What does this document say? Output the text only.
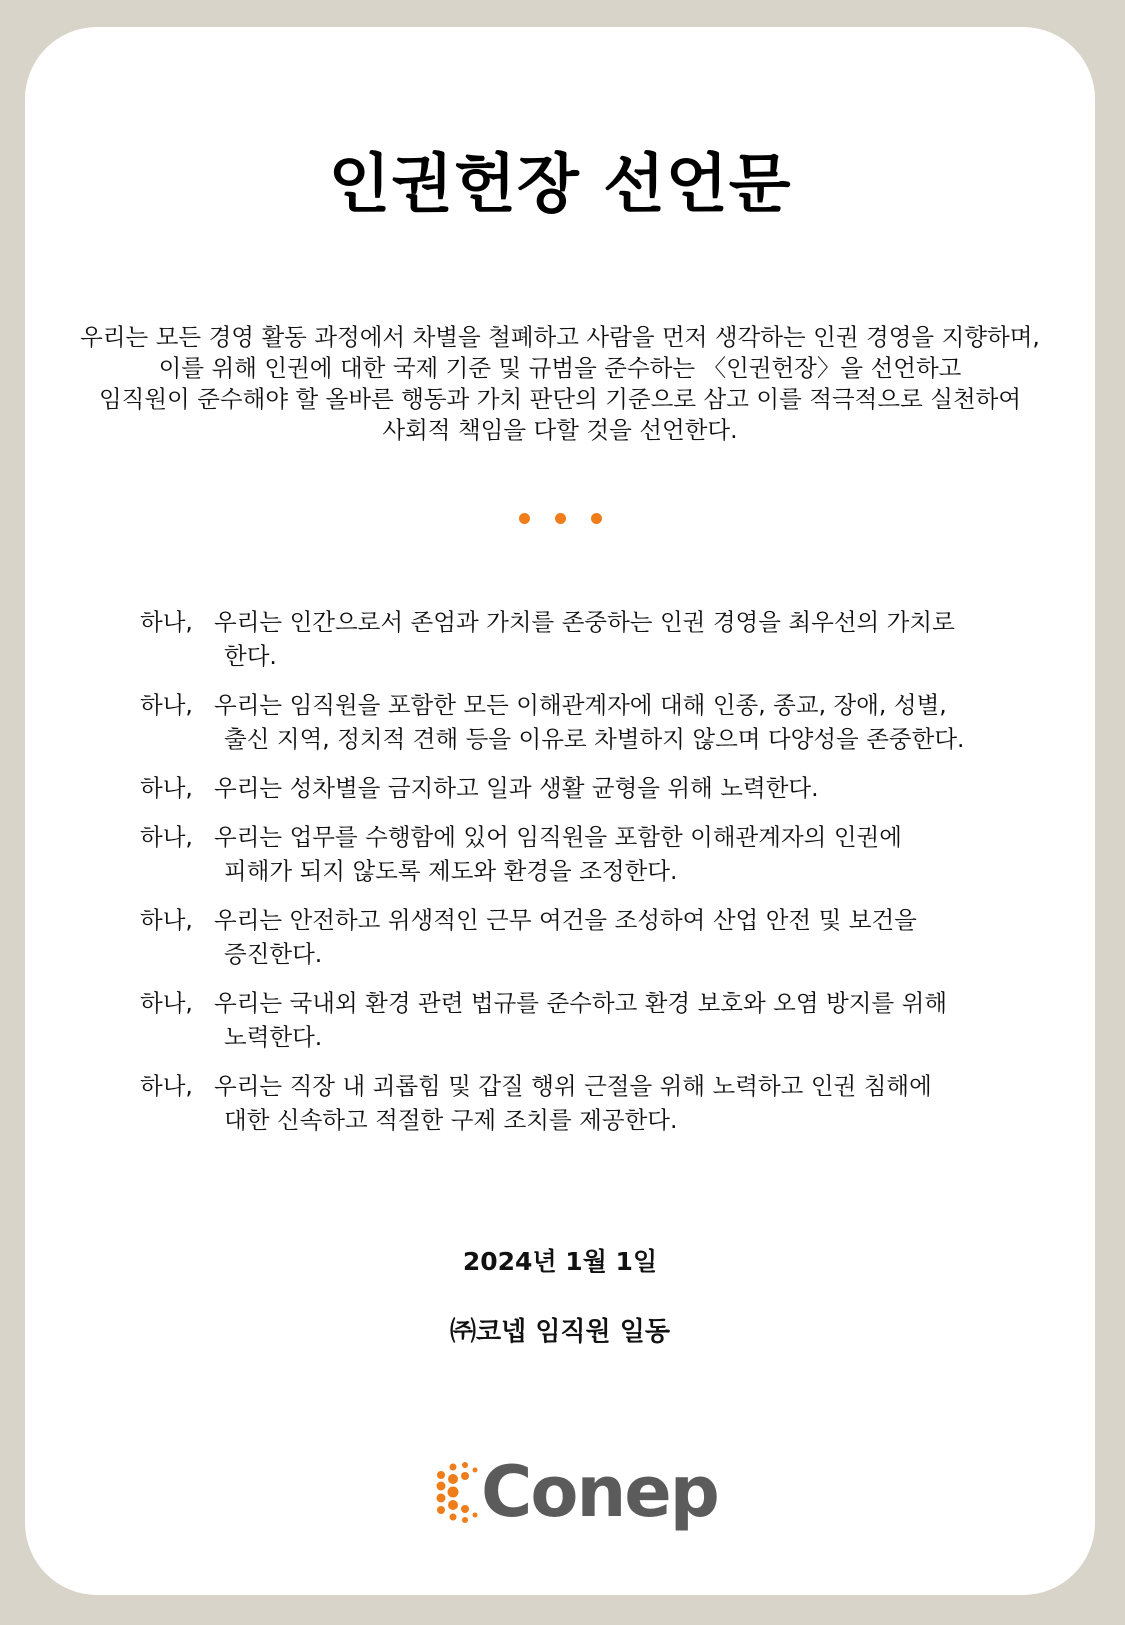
인권헌장 선언문
우리는 모든 경영 활동 과정에서 차별을 철폐하고 사람을 먼저 생각하는 인권 경영을 지향하며,
이를 위해 인권에 대한 국제 기준 및 규범을 준수하는 〈인권헌장〉을 선언하고
임직원이 준수해야 할 올바른 행동과 가치 판단의 기준으로 삼고 이를 적극적으로 실천하여
사회적 책임을 다할 것을 선언한다.
하나, 우리는 인간으로서 존엄과 가치를 존중하는 인권 경영을 최우선의 가치로
한다.
하나, 우리는 임직원을 포함한 모든 이해관계자에 대해 인종, 종교, 장애, 성별,
출신 지역, 정치적 견해 등을 이유로 차별하지 않으며 다양성을 존중한다.
하나, 우리는 성차별을 금지하고 일과 생활 균형을 위해 노력한다.
하나, 우리는 업무를 수행함에 있어 임직원을 포함한 이해관계자의 인권에
피해가 되지 않도록 제도와 환경을 조정한다.
하나, 우리는 안전하고 위생적인 근무 여건을 조성하여 산업 안전 및 보건을
증진한다.
하나, 우리는 국내외 환경 관련 법규를 준수하고 환경 보호와 오염 방지를 위해
노력한다.
하나, 우리는 직장 내 괴롭힘 및 갑질 행위 근절을 위해 노력하고 인권 침해에
대한 신속하고 적절한 구제 조치를 제공한다.
2024년 1월 1일
㈜코넵 임직원 일동
Conep
